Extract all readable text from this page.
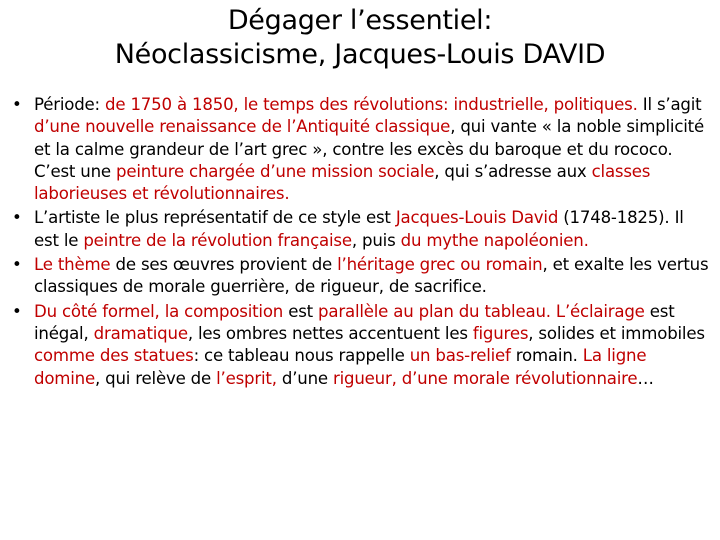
Dégager l’essentiel:
Néoclassicisme, Jacques-Louis DAVID
• Période: de 1750 à 1850, le temps des révolutions: industrielle, politiques. Il s’agit d’une nouvelle renaissance de l’Antiquité classique, qui vante « la noble simplicité et la calme grandeur de l’art grec », contre les excès du baroque et du rococo. C’est une peinture chargée d’une mission sociale, qui s’adresse aux classes laborieuses et révolutionnaires.
• L’artiste le plus représentatif de ce style est Jacques-Louis David (1748-1825). Il est le peintre de la révolution française, puis du mythe napoléonien.
• Le thème de ses œuvres provient de l’héritage grec ou romain, et exalte les vertus classiques de morale guerrière, de rigueur, de sacrifice.
• Du côté formel, la composition est parallèle au plan du tableau. L’éclairage est inégal, dramatique, les ombres nettes accentuent les figures, solides et immobiles comme des statues: ce tableau nous rappelle un bas-relief romain. La ligne domine, qui relève de l’esprit, d’une rigueur, d’une morale révolutionnaire…
